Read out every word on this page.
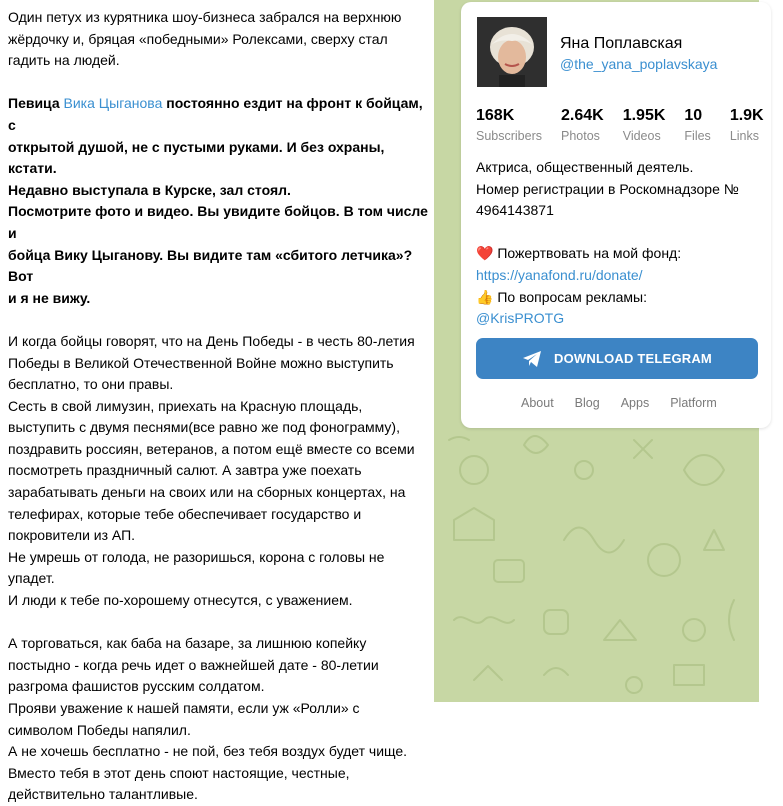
Один петух из курятника шоу-бизнеса забрался на верхнюю
жёрдочку и, бряцая «победными» Ролексами, сверху стал
гадить на людей.

Певица Вика Цыганова постоянно ездит на фронт к бойцам, с
открытой душой, не с пустыми руками. И без охраны, кстати.
Недавно выступала в Курске, зал стоял.
Посмотрите фото и видео. Вы увидите бойцов. В том числе и
бойца Вику Цыганову. Вы видите там «сбитого летчика»? Вот
и я не вижу.

И когда бойцы говорят, что на День Победы - в честь 80-летия
Победы в Великой Отечественной Войне можно выступить
бесплатно, то они правы.
Сесть в свой лимузин, приехать на Красную площадь,
выступить с двумя песнями(все равно же под фонограмму),
поздравить россиян, ветеранов, а потом ещё вместе со всеми
посмотреть праздничный салют. А завтра уже поехать
зарабатывать деньги на своих или на сборных концертах, на
телефирах, которые тебе обеспечивает государство и
покровители из АП.
Не умрешь от голода, не разоришься, корона с головы не
упадет.
И люди к тебе по-хорошему отнесутся, с уважением.

А торговаться, как баба на базаре, за лишнюю копейку
постыдно - когда речь идет о важнейшей дате - 80-летии
разгрома фашистов русским солдатом.
Прояви уважение к нашей памяти, если уж «Ролли» с
символом Победы напялил.
А не хочешь бесплатно - не пой, без тебя воздух будет чище.
Вместо тебя в этот день споют настоящие, честные,
действительно талантливые.

Яна Поплавская
@the_yana_poplavskaya
168K
Subscribers
2.64K
Photos
1.95K
Videos
10
Files
1.9K
Links
Актриса, общественный деятель.
Номер регистрации в Роскомнадзоре №
4964143871
❤️ Пожертвовать на мой фонд:
https://yanafond.ru/donate/
👍 По вопросам рекламы:
@KrisPROTG
DOWNLOAD TELEGRAM
About Blog Apps Platform
